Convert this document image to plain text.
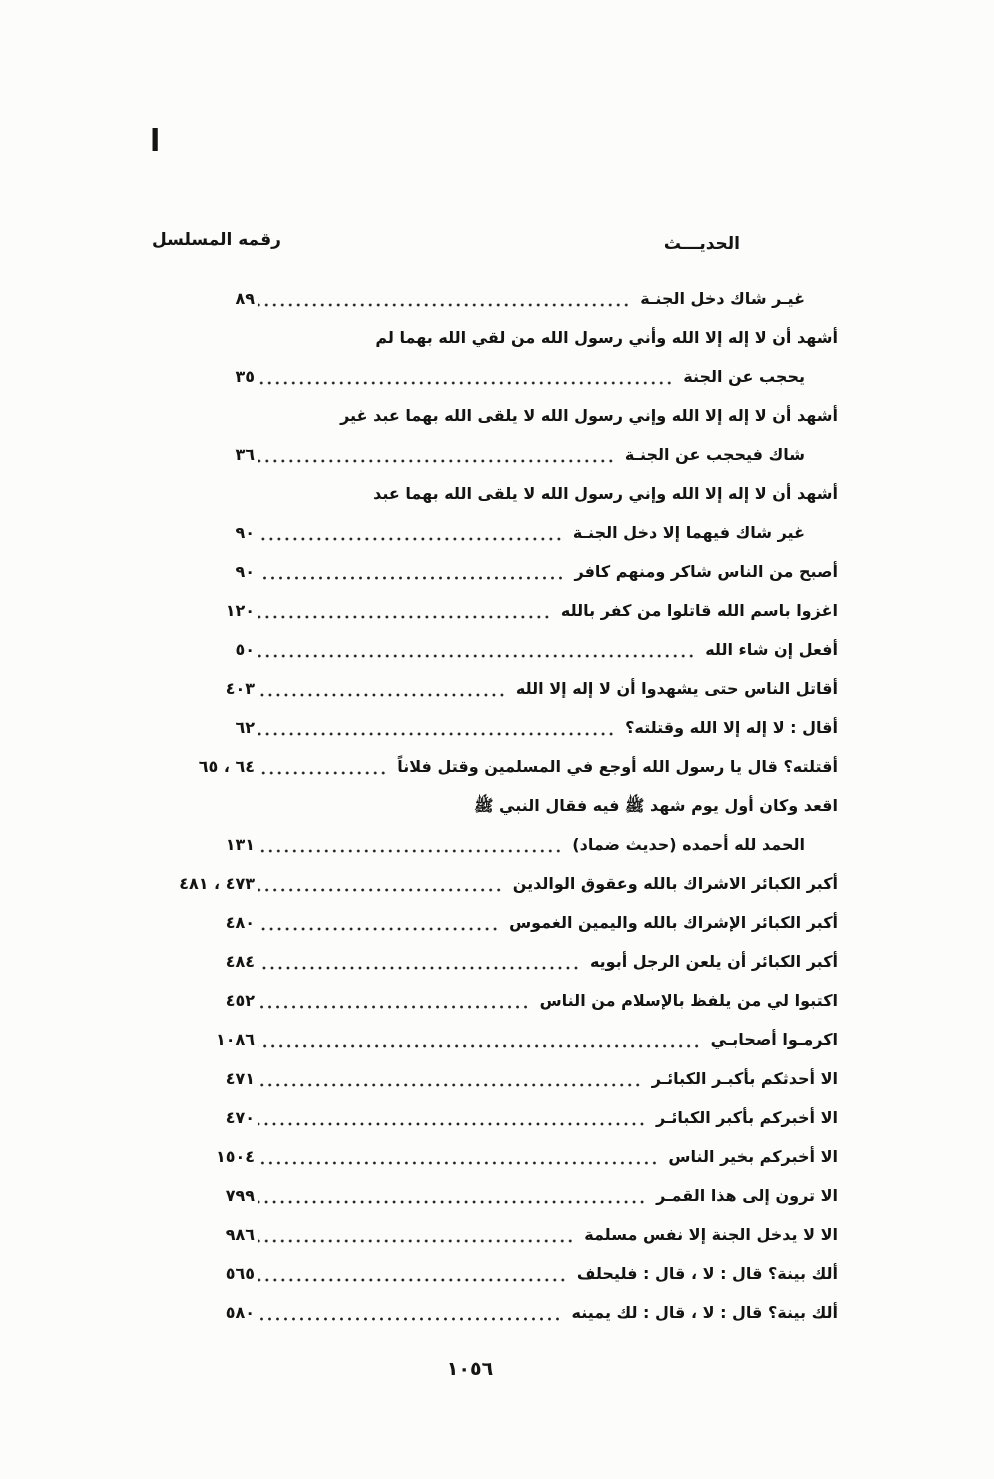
ا
رقمه المسلسل	الحديـــث
غيـر شاك دخل الجنـة
٨٩
أشهد أن لا إله إلا الله وأني رسول الله من لقي الله بهما لم
يحجب عن الجنة
٣٥
أشهد أن لا إله إلا الله وإني رسول الله لا يلقى الله بهما عبد غير
شاك فيحجب عن الجنـة
٣٦
أشهد أن لا إله إلا الله وإني رسول الله لا يلقى الله بهما عبد
غير شاك فيهما إلا دخل الجنـة
٩٠
أصبح من الناس شاكر ومنهم كافر
٩٠
اغزوا باسم الله قاتلوا من كفر بالله
١٢٠
أفعل إن شاء الله
٥٠
أقاتل الناس حتى يشهدوا أن لا إله إلا الله
٤٠٣
أقال : لا إله إلا الله وقتلته؟
٦٢
أقتلته؟ قال يا رسول الله أوجع في المسلمين وقتل فلاناً
٦٤ ، ٦٥
اقعد وكان أول يوم شهد ﷺ فيه فقال النبي ﷺ
الحمد لله أحمده (حديث ضماد)
١٣١
أكبر الكبائر الاشراك بالله وعقوق الوالدين
٤٧٣ ، ٤٨١
أكبر الكبائر الإشراك بالله واليمين الغموس
٤٨٠
أكبر الكبائر أن يلعن الرجل أبويه
٤٨٤
اكتبوا لي من يلفظ بالإسلام من الناس
٤٥٢
اكرمـوا أصحابـي
١٠٨٦
الا أحدثكم بأكبـر الكبائـر
٤٧١
الا أخبركم بأكبر الكبائـر
٤٧٠
الا أخبركم بخير الناس
١٥٠٤
الا ترون إلى هذا القمـر
٧٩٩
الا لا يدخل الجنة إلا نفس مسلمة
٩٨٦
ألك بينة؟ قال : لا ، قال : فليحلف
٥٦٥
ألك بينة؟ قال : لا ، قال : لك يمينه
٥٨٠
١٠٥٦
